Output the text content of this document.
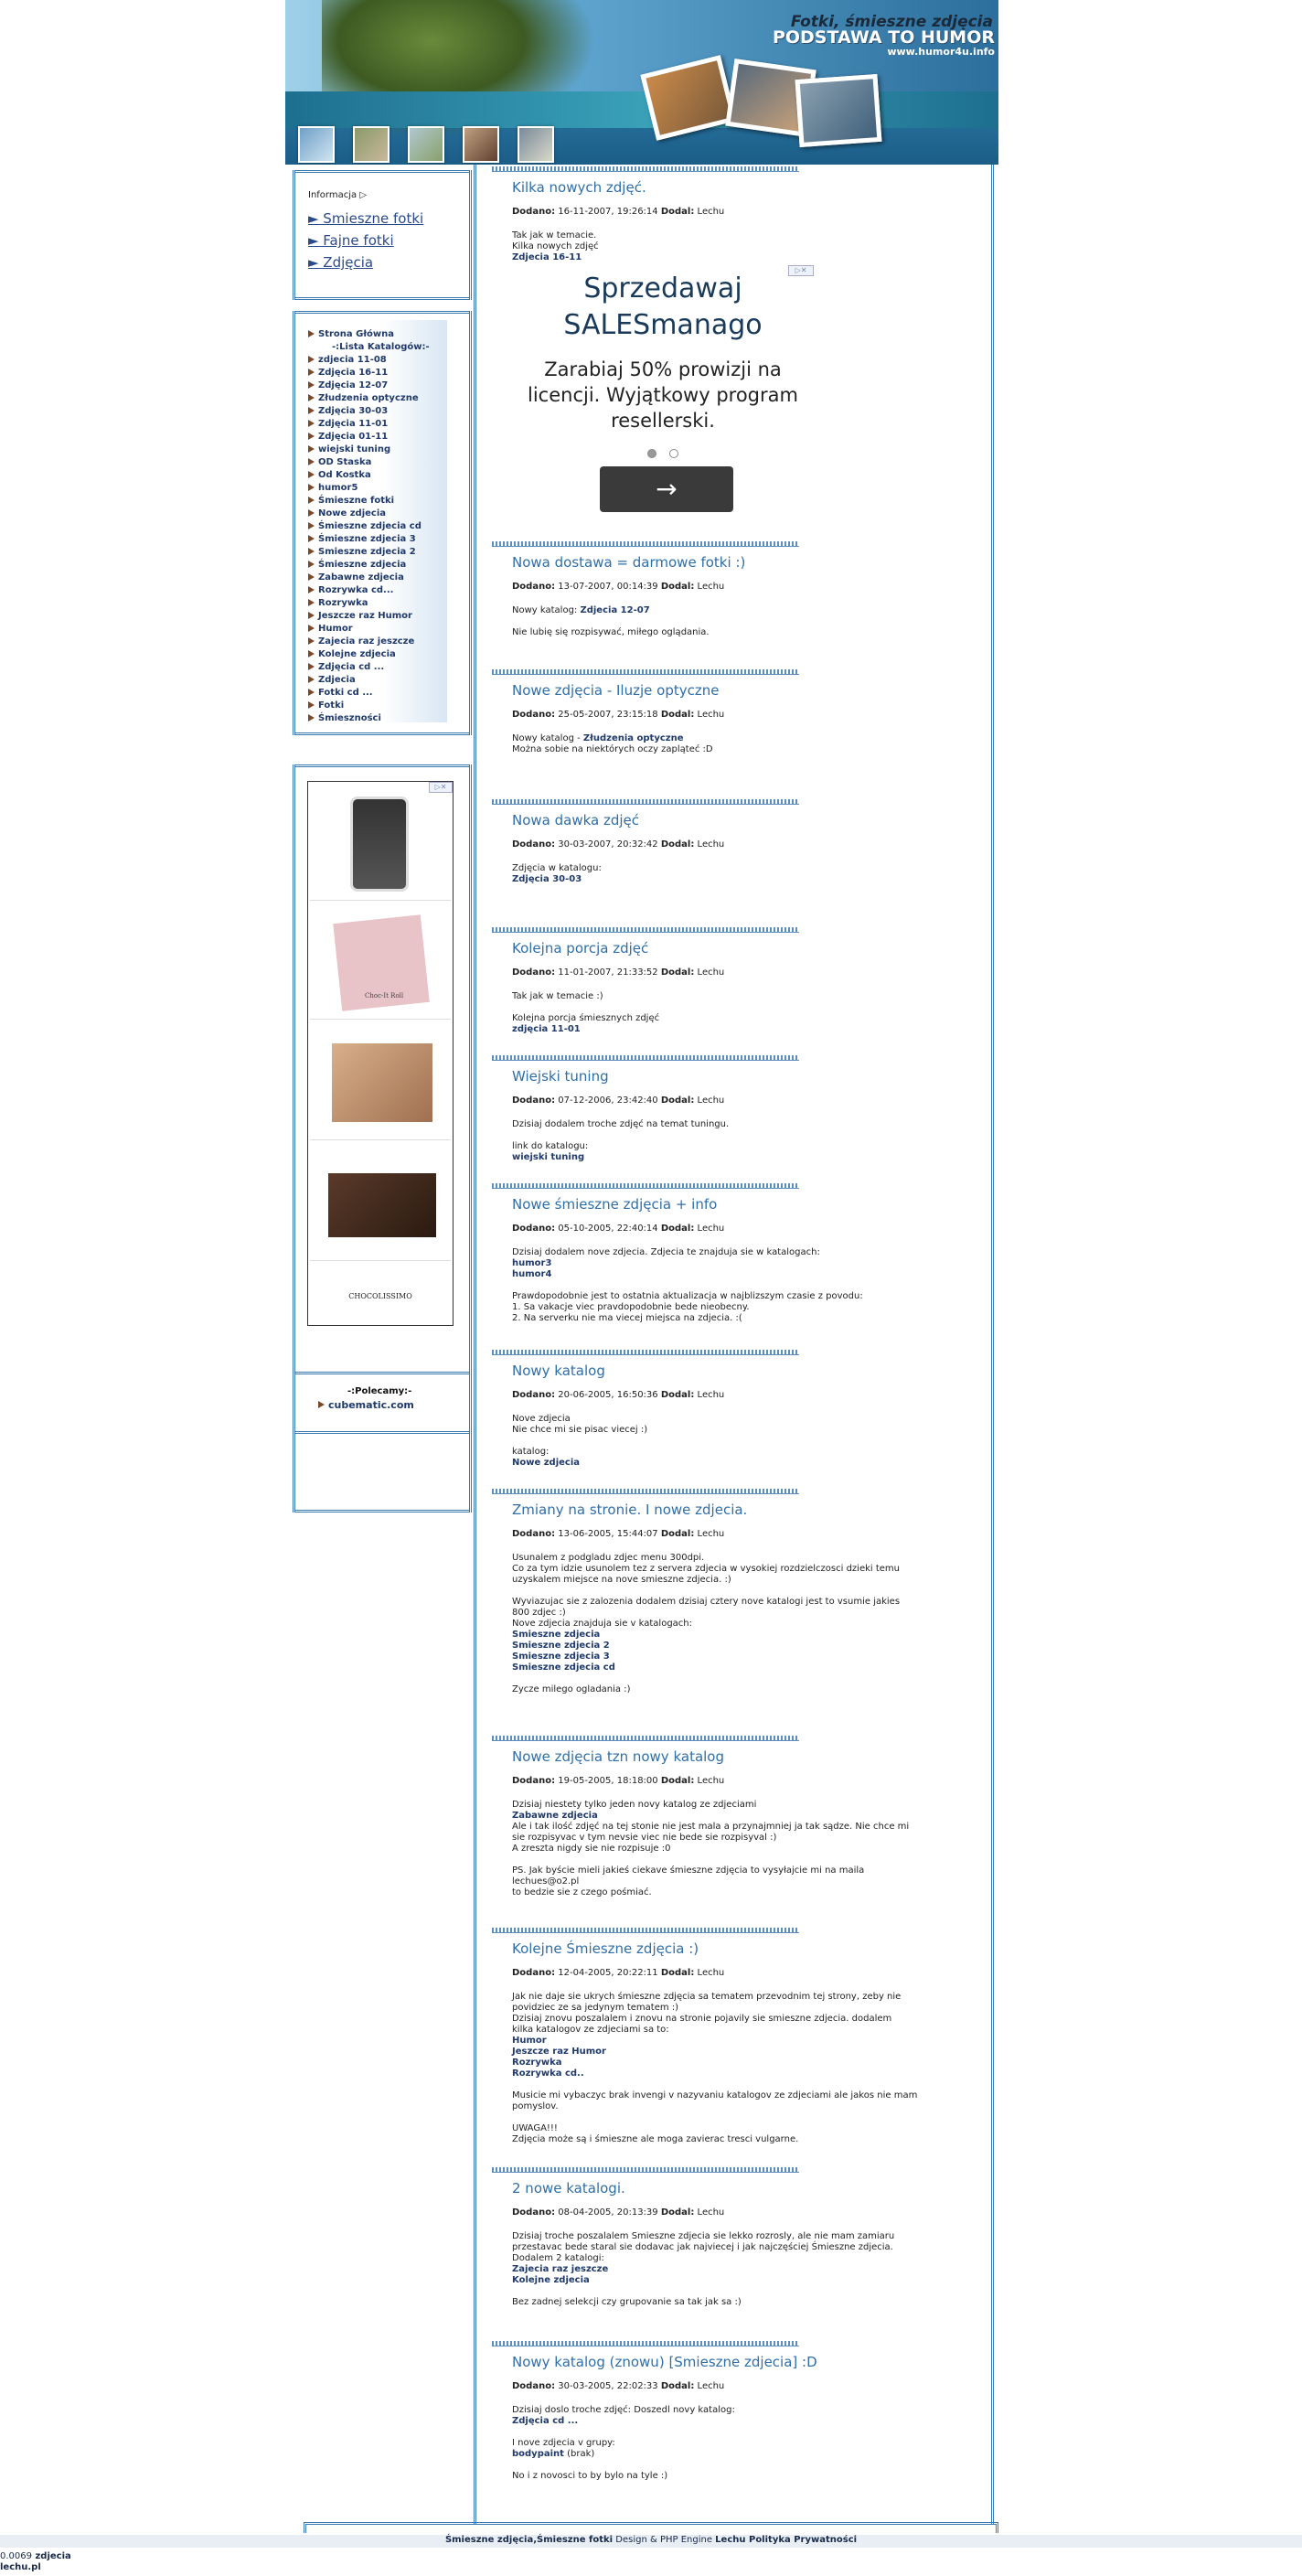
Fotki, śmieszne zdjęcia
PODSTAWA TO HUMOR
www.humor4u.info
Informacja ▷
► Smieszne fotki
► Fajne fotki
► Zdjęcia
Strona Główna
-:Lista Katalogów:-
zdjecia 11-08
Zdjęcia 16-11
Zdjęcia 12-07
Złudzenia optyczne
Zdjęcia 30-03
Zdjęcia 11-01
Zdjęcia 01-11
wiejski tuning
OD Staska
Od Kostka
humor5
Śmieszne fotki
Nowe zdjecia
Śmieszne zdjecia cd
Śmieszne zdjecia 3
Smieszne zdjecia 2
Śmieszne zdjecia
Zabawne zdjecia
Rozrywka cd...
Rozrywka
Jeszcze raz Humor
Humor
Zajecia raz jeszcze
Kolejne zdjecia
Zdjęcia cd ...
Zdjecia
Fotki cd ...
Fotki
Śmieszności
▷✕
Choc-It Roll
CHOCOLISSIMO
-:Polecamy:-
cubematic.com
Kilka nowych zdjęć.
Dodano: 16-11-2007, 19:26:14 Dodal: Lechu
Tak jak w temacie.
Kilka nowych zdjęć
Zdjecia 16-11
Nowa dostawa = darmowe fotki :)
Dodano: 13-07-2007, 00:14:39 Dodal: Lechu
Nowy katalog: Zdjecia 12-07
Nie lubię się rozpisywać, miłego oglądania.
Nowe zdjęcia - Iluzje optyczne
Dodano: 25-05-2007, 23:15:18 Dodal: Lechu
Nowy katalog - Złudzenia optyczne
Można sobie na niektórych oczy zapląteć :D
Nowa dawka zdjęć
Dodano: 30-03-2007, 20:32:42 Dodal: Lechu
Zdjęcia w katalogu:
Zdjęcia 30-03
Kolejna porcja zdjęć
Dodano: 11-01-2007, 21:33:52 Dodal: Lechu
Tak jak w temacie :)
Kolejna porcja śmiesznych zdjęć
zdjęcia 11-01
Wiejski tuning
Dodano: 07-12-2006, 23:42:40 Dodal: Lechu
Dzisiaj dodalem troche zdjęć na temat tuningu.
link do katalogu:
wiejski tuning
Nowe śmieszne zdjęcia + info
Dodano: 05-10-2005, 22:40:14 Dodal: Lechu
Dzisiaj dodalem nove zdjecia. Zdjecia te znajduja sie w katalogach:
humor3
humor4
Prawdopodobnie jest to ostatnia aktualizacja w najblizszym czasie z povodu:
1. Sa vakacje viec pravdopodobnie bede nieobecny.
2. Na serverku nie ma viecej miejsca na zdjecia. :(
Nowy katalog
Dodano: 20-06-2005, 16:50:36 Dodal: Lechu
Nove zdjecia
Nie chce mi sie pisac viecej :)
katalog:
Nowe zdjecia
Zmiany na stronie. I nowe zdjecia.
Dodano: 13-06-2005, 15:44:07 Dodal: Lechu
Usunalem z podgladu zdjec menu 300dpi.
Co za tym idzie usunolem tez z servera zdjecia w vysokiej rozdzielczosci dzieki temu
uzyskalem miejsce na nove smieszne zdjecia. :)
Wyviazujac sie z zalozenia dodalem dzisiaj cztery nove katalogi jest to vsumie jakies
800 zdjec :)
Nove zdjecia znajduja sie v katalogach:
Smieszne zdjecia
Smieszne zdjecia 2
Smieszne zdjecia 3
Smieszne zdjecia cd
Zycze milego ogladania :)
Nowe zdjęcia tzn nowy katalog
Dodano: 19-05-2005, 18:18:00 Dodal: Lechu
Dzisiaj niestety tylko jeden novy katalog ze zdjeciami
Zabawne zdjecia
Ale i tak ilość zdjęć na tej stonie nie jest mala a przynajmniej ja tak sądze. Nie chce mi
sie rozpisyvac v tym nevsie viec nie bede sie rozpisyval :)
A zreszta nigdy sie nie rozpisuje :0
PS. Jak byście mieli jakieś ciekave śmieszne zdjęcia to vysyłajcie mi na maila
lechues@o2.pl
to bedzie sie z czego pośmiać.
Kolejne Śmieszne zdjęcia :)
Dodano: 12-04-2005, 20:22:11 Dodal: Lechu
Jak nie daje sie ukrych śmieszne zdjęcia sa tematem przevodnim tej strony, zeby nie
povidziec ze sa jedynym tematem :)
Dzisiaj znovu poszalalem i znovu na stronie pojavily sie smieszne zdjecia. dodalem
kilka katalogov ze zdjeciami sa to:
Humor
Jeszcze raz Humor
Rozrywka
Rozrywka cd..
Musicie mi vybaczyc brak invengi v nazyvaniu katalogov ze zdjeciami ale jakos nie mam
pomyslov.
UWAGA!!!
Zdjęcia może są i śmieszne ale moga zavierac tresci vulgarne.
2 nowe katalogi.
Dodano: 08-04-2005, 20:13:39 Dodal: Lechu
Dzisiaj troche poszalalem Smieszne zdjecia sie lekko rozrosly, ale nie mam zamiaru
przestavac bede staral sie dodavac jak najviecej i jak najczęściej Śmieszne zdjecia.
Dodalem 2 katalogi:
Zajecia raz jeszcze
Kolejne zdjecia
Bez zadnej selekcji czy grupovanie sa tak jak sa :)
Nowy katalog (znowu) [Smieszne zdjecia] :D
Dodano: 30-03-2005, 22:02:33 Dodal: Lechu
Dzisiaj doslo troche zdjęć: Doszedl novy katalog:
Zdjęcia cd ...
I nove zdjecia v grupy:
bodypaint (brak)
No i z novosci to by bylo na tyle :)
▷✕
Sprzedawaj SALESmanago
Zarabiaj 50% prowizji na licencji. Wyjątkowy program resellerski.
→
Śmieszne zdjęcia,Śmieszne fotki Design & PHP Engine Lechu Polityka Prywatności
0.0069 zdjecia
lechu.pl
